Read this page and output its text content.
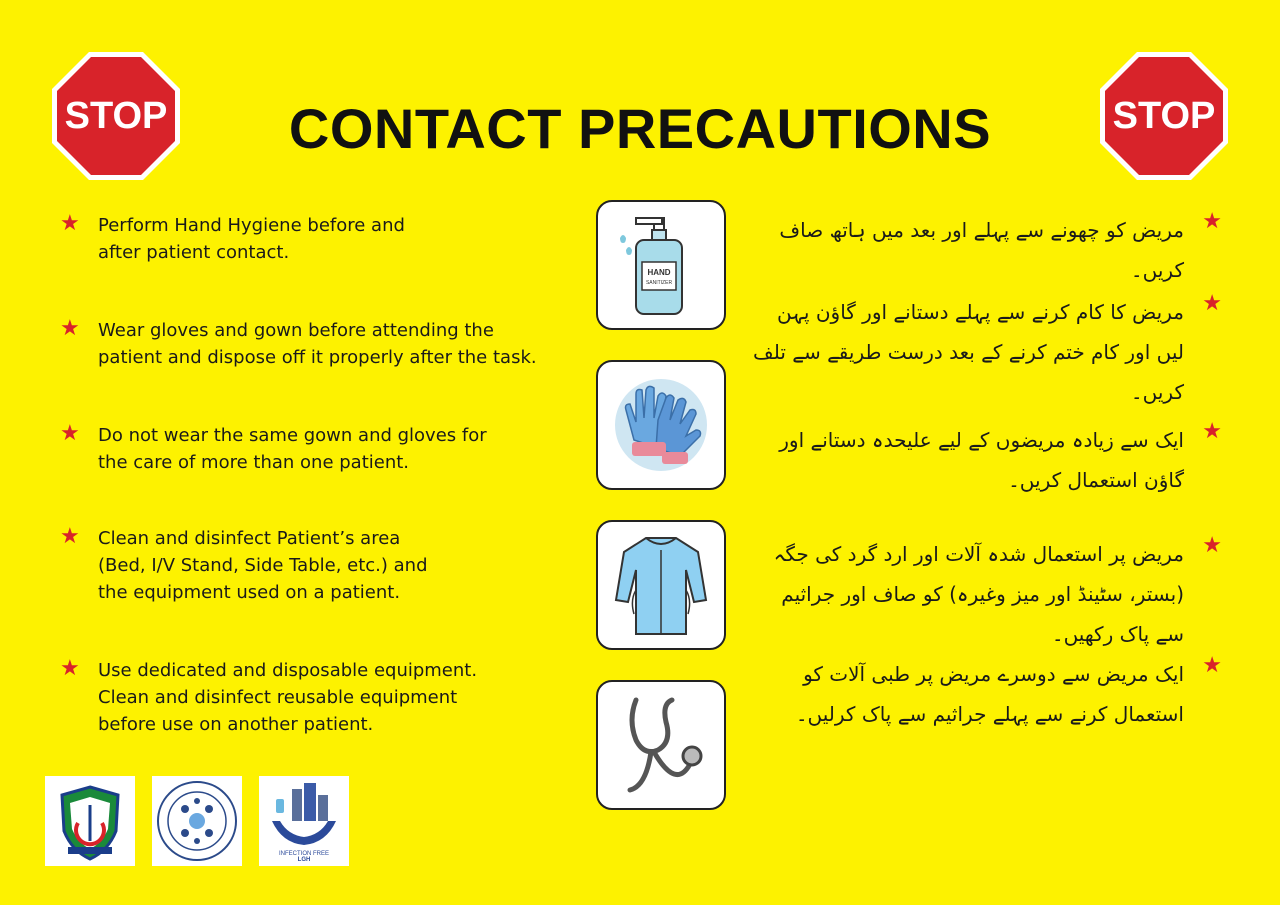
STOP	STOP
CONTACT PRECAUTIONS
★	Perform Hand Hygiene before and
after patient contact.
★	Wear gloves and gown before attending the
patient and dispose off it properly after the task.
★	Do not wear the same gown and gloves for
the care of more than one patient.
★	Clean and disinfect Patient’s area
(Bed, I/V Stand, Side Table, etc.) and
the equipment used on a patient.
★	Use dedicated and disposable equipment.
Clean and disinfect reusable equipment
before use on another patient.
HAND
SANITIZER
★
مریض کو چھونے سے پہلے اور بعد میں ہاتھ صاف کریں۔
★
مریض کا کام کرنے سے پہلے دستانے اور گاؤن پہن لیں اور کام ختم کرنے کے بعد درست طریقے سے تلف کریں۔
★
ایک سے زیادہ مریضوں کے لیے علیحدہ دستانے اور گاؤن استعمال کریں۔
★
مریض پر استعمال شدہ آلات اور ارد گرد کی جگہ (بستر، سٹینڈ اور میز وغیرہ) کو صاف اور جراثیم سے پاک رکھیں۔
★
ایک مریض سے دوسرے مریض پر طبی آلات کو استعمال کرنے سے پہلے جراثیم سے پاک کرلیں۔
INFECTION FREE
LGH
